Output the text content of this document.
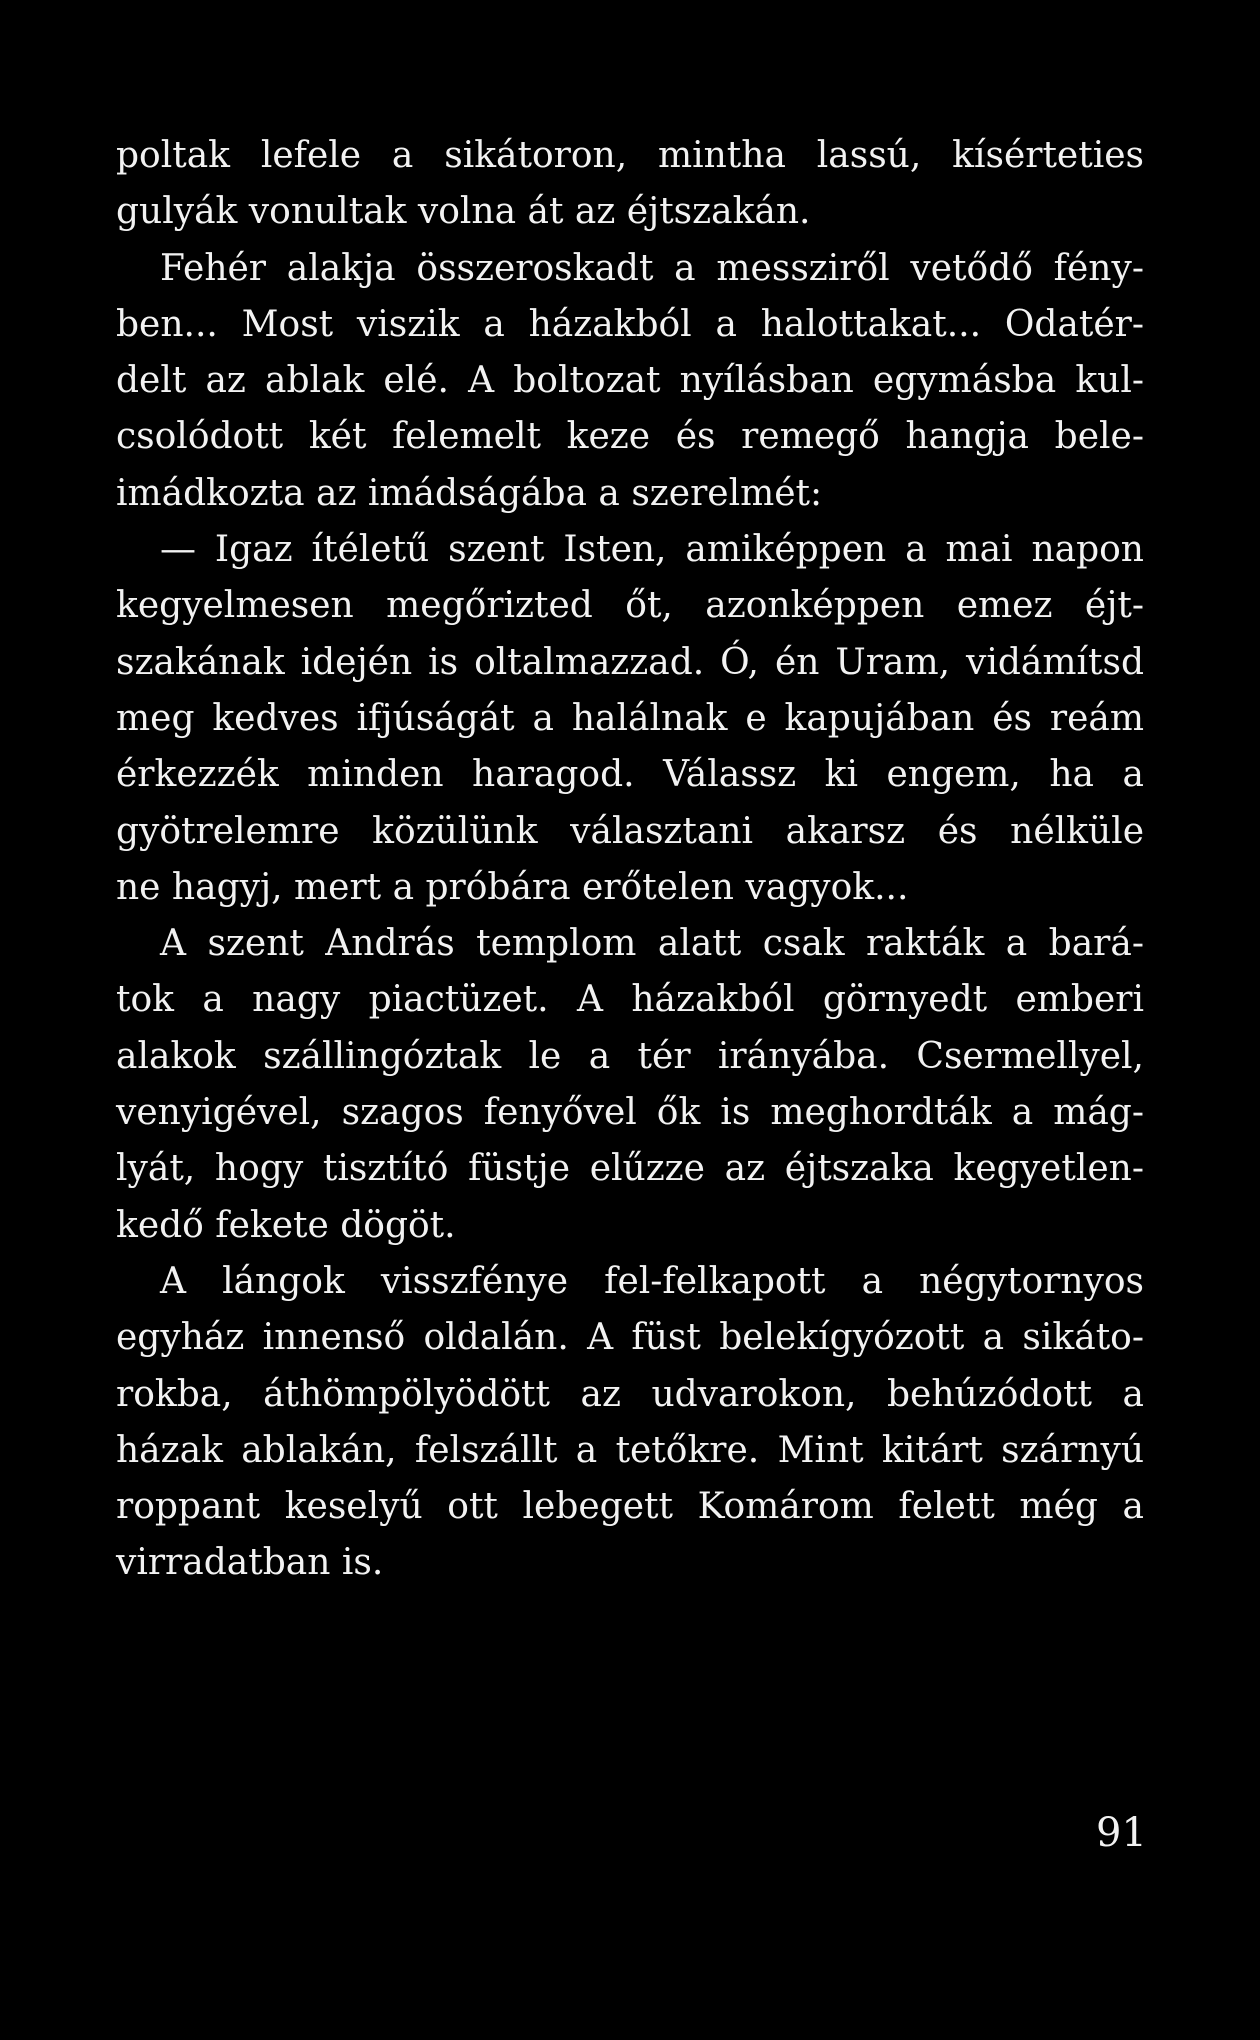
poltak lefele a sikátoron, mintha lassú, kísérteties
gulyák vonultak volna át az éjtszakán.
Fehér alakja összeroskadt a messziről vetődő fény-
ben... Most viszik a házakból a halottakat... Odatér-
delt az ablak elé. A boltozat nyílásban egymásba kul-
csolódott két felemelt keze és remegő hangja bele-
imádkozta az imádságába a szerelmét:
— Igaz ítéletű szent Isten, amiképpen a mai napon
kegyelmesen megőrizted őt, azonképpen emez éjt-
szakának idején is oltalmazzad. Ó, én Uram, vidámítsd
meg kedves ifjúságát a halálnak e kapujában és reám
érkezzék minden haragod. Válassz ki engem, ha a
gyötrelemre közülünk választani akarsz és nélküle
ne hagyj, mert a próbára erőtelen vagyok...
A szent András templom alatt csak rakták a bará-
tok a nagy piactüzet. A házakból görnyedt emberi
alakok szállingóztak le a tér irányába. Csermellyel,
venyigével, szagos fenyővel ők is meghordták a mág-
lyát, hogy tisztító füstje elűzze az éjtszaka kegyetlen-
kedő fekete dögöt.
A lángok visszfénye fel-felkapott a négytornyos
egyház innenső oldalán. A füst belekígyózott a sikáto-
rokba, áthömpölyödött az udvarokon, behúzódott a
házak ablakán, felszállt a tetőkre. Mint kitárt szárnyú
roppant keselyű ott lebegett Komárom felett még a
virradatban is.
91
